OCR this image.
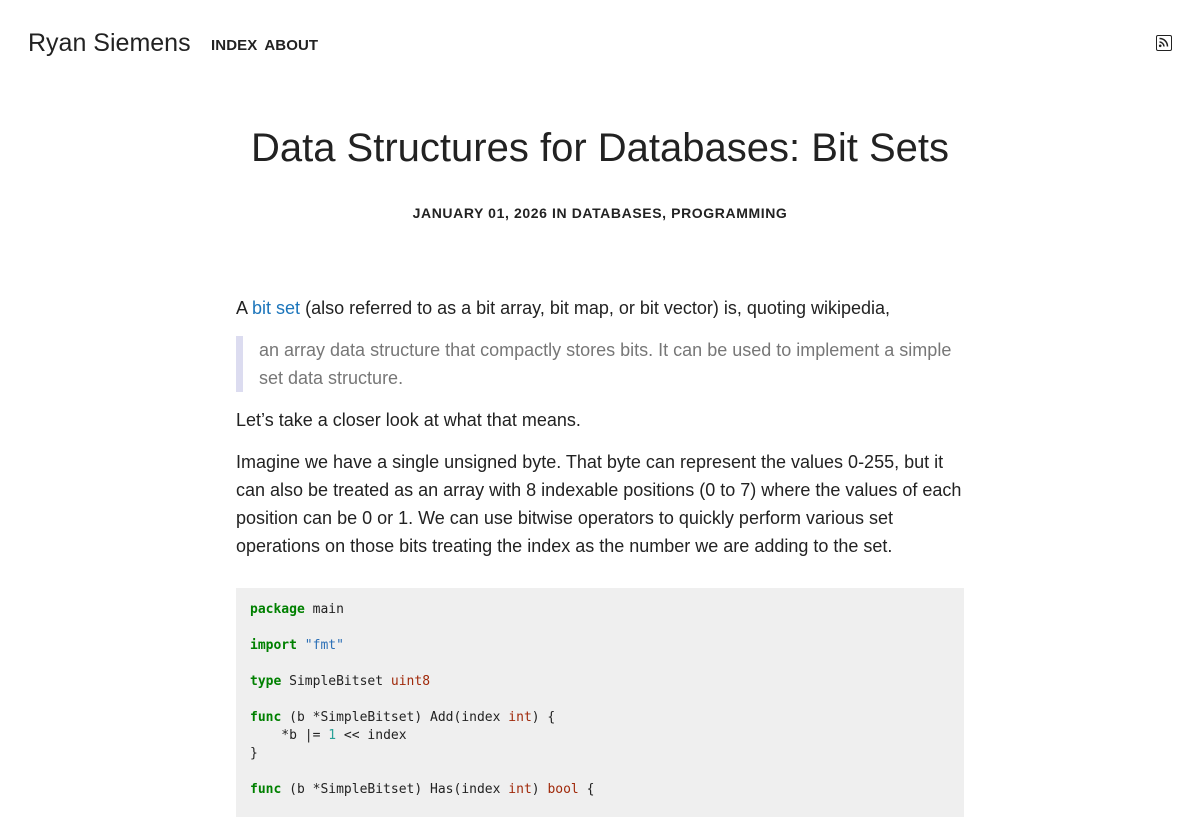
Ryan Siemens INDEX ABOUT
Data Structures for Databases: Bit Sets
JANUARY 01, 2026 IN DATABASES, PROGRAMMING

A bit set (also referred to as a bit array, bit map, or bit vector) is, quoting wikipedia,

an array data structure that compactly stores bits. It can be used to implement a simple set data structure.

Let’s take a closer look at what that means.

Imagine we have a single unsigned byte. That byte can represent the values 0-255, but it can also be treated as an array with 8 indexable positions (0 to 7) where the values of each position can be 0 or 1. We can use bitwise operators to quickly perform various set operations on those bits treating the index as the number we are adding to the set.

package main
import "fmt"
type SimpleBitset uint8
func (b *SimpleBitset) Add(index int) {
*b |= 1 << index
}
func (b *SimpleBitset) Has(index int) bool {
